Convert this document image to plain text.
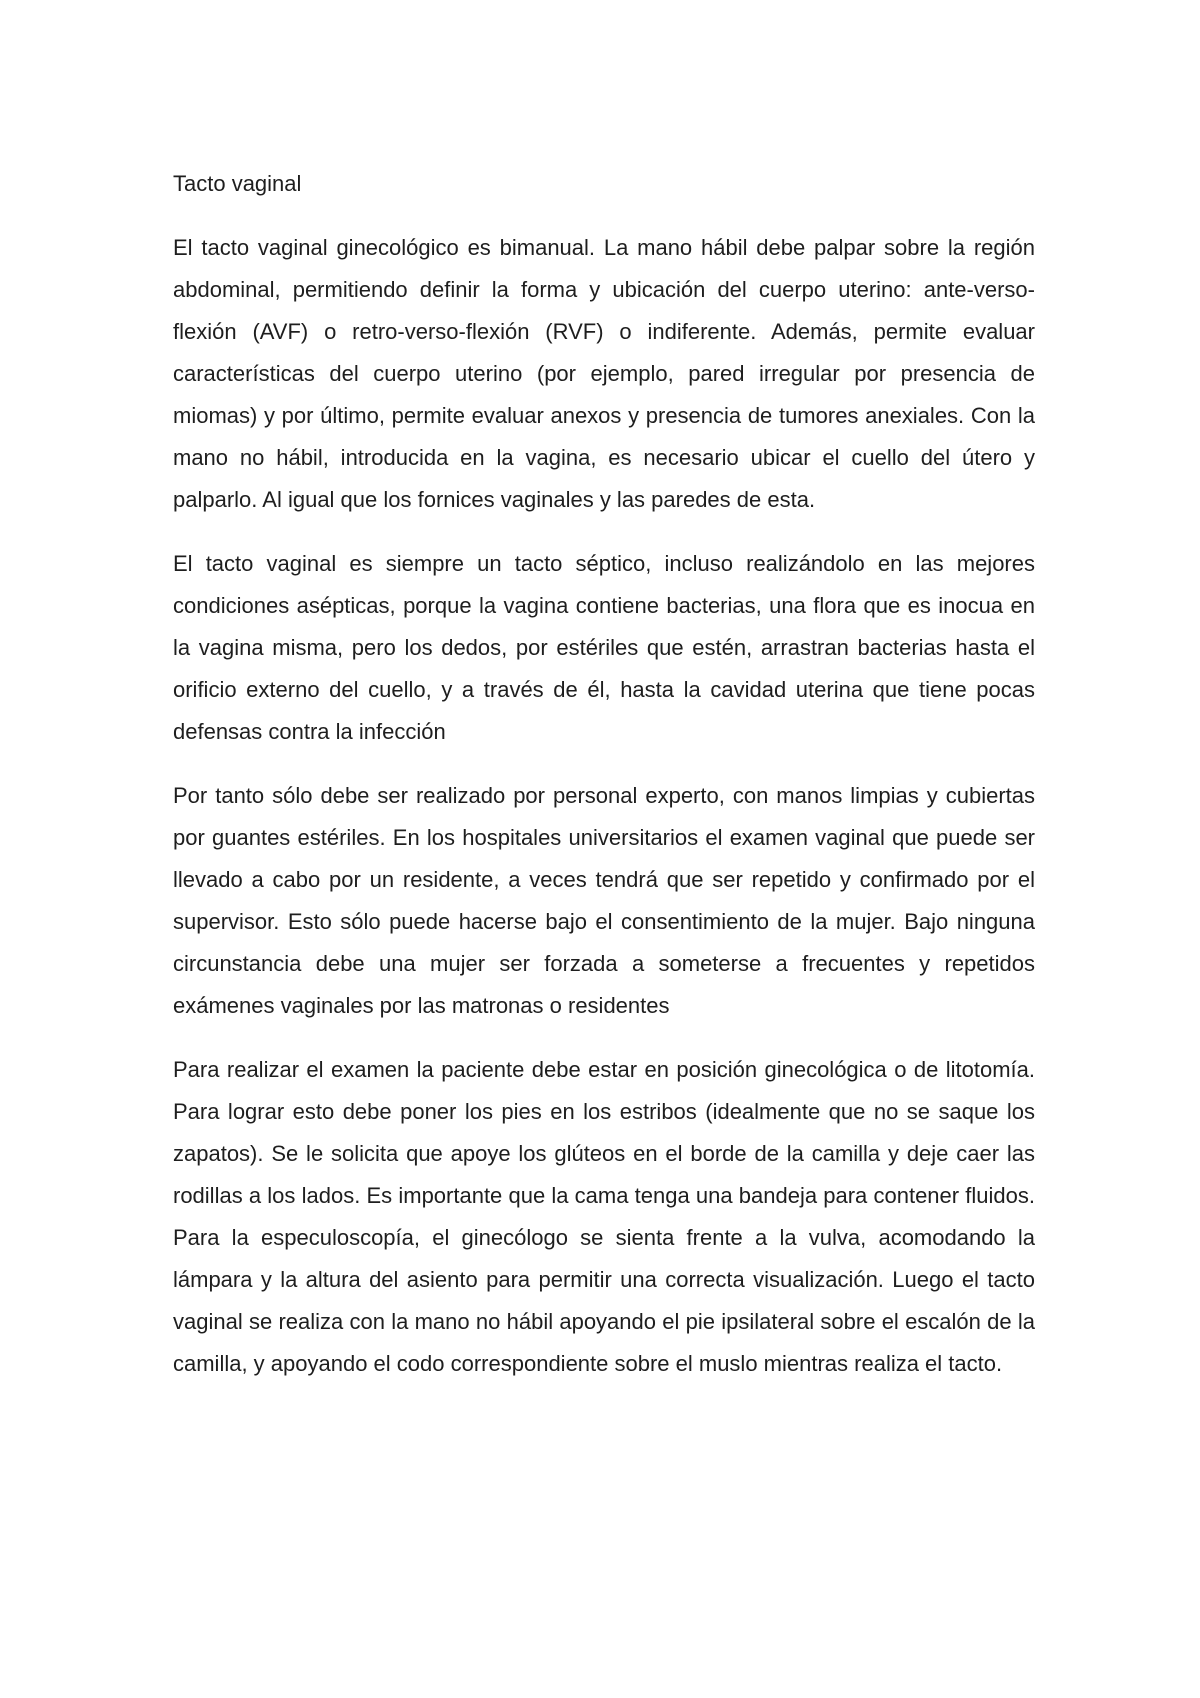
Tacto vaginal

El tacto vaginal ginecológico es bimanual. La mano hábil debe palpar sobre la región abdominal, permitiendo definir la forma y ubicación del cuerpo uterino: ante-verso-flexión (AVF) o retro-verso-flexión (RVF) o indiferente. Además, permite evaluar características del cuerpo uterino (por ejemplo, pared irregular por presencia de miomas) y por último, permite evaluar anexos y presencia de tumores anexiales. Con la mano no hábil, introducida en la vagina, es necesario ubicar el cuello del útero y palparlo. Al igual que los fornices vaginales y las paredes de esta.

El tacto vaginal es siempre un tacto séptico, incluso realizándolo en las mejores condiciones asépticas, porque la vagina contiene bacterias, una flora que es inocua en la vagina misma, pero los dedos, por estériles que estén, arrastran bacterias hasta el orificio externo del cuello, y a través de él, hasta la cavidad uterina que tiene pocas defensas contra la infección

Por tanto sólo debe ser realizado por personal experto, con manos limpias y cubiertas por guantes estériles. En los hospitales universitarios el examen vaginal que puede ser llevado a cabo por un residente, a veces tendrá que ser repetido y confirmado por el supervisor. Esto sólo puede hacerse bajo el consentimiento de la mujer. Bajo ninguna circunstancia debe una mujer ser forzada a someterse a frecuentes y repetidos exámenes vaginales por las matronas o residentes

Para realizar el examen la paciente debe estar en posición ginecológica o de litotomía. Para lograr esto debe poner los pies en los estribos (idealmente que no se saque los zapatos). Se le solicita que apoye los glúteos en el borde de la camilla y deje caer las rodillas a los lados. Es importante que la cama tenga una bandeja para contener fluidos. Para la especuloscopía, el ginecólogo se sienta frente a la vulva, acomodando la lámpara y la altura del asiento para permitir una correcta visualización. Luego el tacto vaginal se realiza con la mano no hábil apoyando el pie ipsilateral sobre el escalón de la camilla, y apoyando el codo correspondiente sobre el muslo mientras realiza el tacto.
